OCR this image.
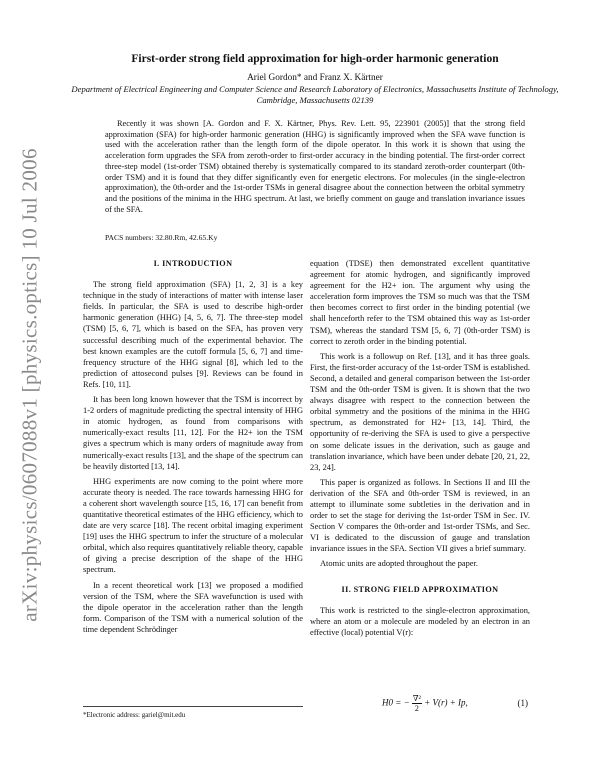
arXiv:physics/0607088v1 [physics.optics] 10 Jul 2006
First-order strong field approximation for high-order harmonic generation
Ariel Gordon* and Franz X. Kärtner
Department of Electrical Engineering and Computer Science and Research Laboratory of Electronics, Massachusetts Institute of Technology, Cambridge, Massachusetts 02139
Recently it was shown [A. Gordon and F. X. Kärtner, Phys. Rev. Lett. 95, 223901 (2005)] that the strong field approximation (SFA) for high-order harmonic generation (HHG) is significantly improved when the SFA wave function is used with the acceleration rather than the length form of the dipole operator. In this work it is shown that using the acceleration form upgrades the SFA from zeroth-order to first-order accuracy in the binding potential. The first-order correct three-step model (1st-order TSM) obtained thereby is systematically compared to its standard zeroth-order counterpart (0th-order TSM) and it is found that they differ significantly even for energetic electrons. For molecules (in the single-electron approximation), the 0th-order and the 1st-order TSMs in general disagree about the connection between the orbital symmetry and the positions of the minima in the HHG spectrum. At last, we briefly comment on gauge and translation invariance issues of the SFA.
PACS numbers: 32.80.Rm, 42.65.Ky
I. INTRODUCTION

The strong field approximation (SFA) [1, 2, 3] is a key technique in the study of interactions of matter with intense laser fields. In particular, the SFA is used to describe high-order harmonic generation (HHG) [4, 5, 6, 7]. The three-step model (TSM) [5, 6, 7], which is based on the SFA, has proven very successful describing much of the experimental behavior. The best known examples are the cutoff formula [5, 6, 7] and time-frequency structure of the HHG signal [8], which led to the prediction of attosecond pulses [9]. Reviews can be found in Refs. [10, 11].

It has been long known however that the TSM is incorrect by 1-2 orders of magnitude predicting the spectral intensity of HHG in atomic hydrogen, as found from comparisons with numerically-exact results [11, 12]. For the H2+ ion the TSM gives a spectrum which is many orders of magnitude away from numerically-exact results [13], and the shape of the spectrum can be heavily distorted [13, 14].

HHG experiments are now coming to the point where more accurate theory is needed. The race towards harnessing HHG for a coherent short wavelength source [15, 16, 17] can benefit from quantitative theoretical estimates of the HHG efficiency, which to date are very scarce [18]. The recent orbital imaging experiment [19] uses the HHG spectrum to infer the structure of a molecular orbital, which also requires quantitatively reliable theory, capable of giving a precise description of the shape of the HHG spectrum.

In a recent theoretical work [13] we proposed a modified version of the TSM, where the SFA wavefunction is used with the dipole operator in the acceleration rather than the length form. Comparison of the TSM with a numerical solution of the time dependent Schrödinger

equation (TDSE) then demonstrated excellent quantitative agreement for atomic hydrogen, and significantly improved agreement for the H2+ ion. The argument why using the acceleration form improves the TSM so much was that the TSM then becomes correct to first order in the binding potential (we shall henceforth refer to the TSM obtained this way as 1st-order TSM), whereas the standard TSM [5, 6, 7] (0th-order TSM) is correct to zeroth order in the binding potential.

This work is a followup on Ref. [13], and it has three goals. First, the first-order accuracy of the 1st-order TSM is established. Second, a detailed and general comparison between the 1st-order TSM and the 0th-order TSM is given. It is shown that the two always disagree with respect to the connection between the orbital symmetry and the positions of the minima in the HHG spectrum, as demonstrated for H2+ [13, 14]. Third, the opportunity of re-deriving the SFA is used to give a perspective on some delicate issues in the derivation, such as gauge and translation invariance, which have been under debate [20, 21, 22, 23, 24].

This paper is organized as follows. In Sections II and III the derivation of the SFA and 0th-order TSM is reviewed, in an attempt to illuminate some subtleties in the derivation and in order to set the stage for deriving the 1st-order TSM in Sec. IV. Section V compares the 0th-order and 1st-order TSMs, and Sec. VI is dedicated to the discussion of gauge and translation invariance issues in the SFA. Section VII gives a brief summary.

Atomic units are adopted throughout the paper.

II. STRONG FIELD APPROXIMATION

This work is restricted to the single-electron approximation, where an atom or a molecule are modeled by an electron in an effective (local) potential V(r):

H0 = − $\frac{\text{∇²}}{2} + V(r) + Ip$,	(1)
*Electronic address: gariel@mit.edu
